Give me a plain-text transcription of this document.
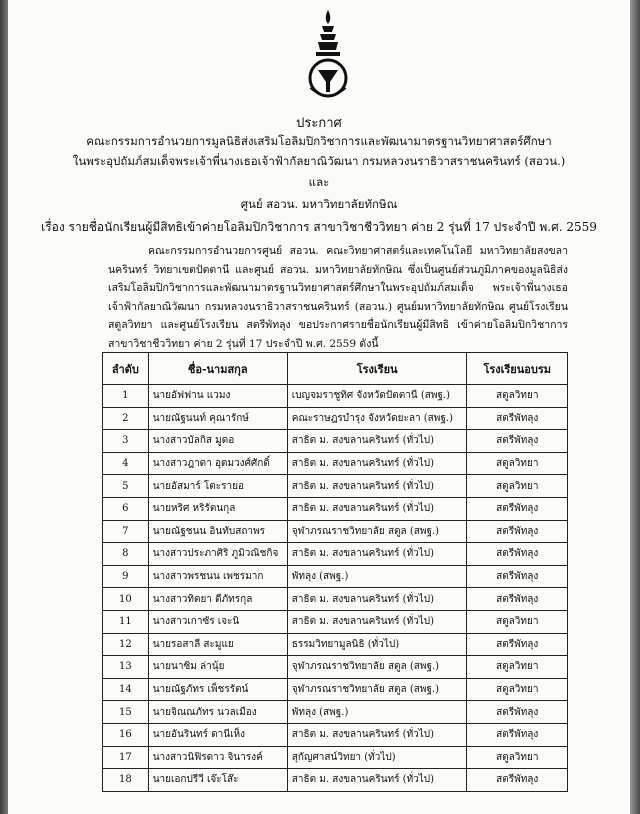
ประกาศ
คณะกรรมการอำนวยการมูลนิธิส่งเสริมโอลิมปิกวิชาการและพัฒนามาตรฐานวิทยาศาสตร์ศึกษา
ในพระอุปถัมภ์สมเด็จพระเจ้าพี่นางเธอเจ้าฟ้ากัลยาณิวัฒนา กรมหลวงนราธิวาสราชนครินทร์ (สอวน.)
และ
ศูนย์ สอวน. มหาวิทยาลัยทักษิณ
เรื่อง รายชื่อนักเรียนผู้มีสิทธิเข้าค่ายโอลิมปิกวิชาการ สาขาวิชาชีววิทยา ค่าย 2 รุ่นที่ 17 ประจำปี พ.ศ. 2559
คณะกรรมการอำนวยการศูนย์ สอวน. คณะวิทยาศาสตร์และเทคโนโลยี มหาวิทยาลัยสงขลานครินทร์ วิทยาเขตปัตตานี และศูนย์ สอวน. มหาวิทยาลัยทักษิณ ซึ่งเป็นศูนย์ส่วนภูมิภาคของมูลนิธิส่งเสริมโอลิมปิกวิชาการและพัฒนามาตรฐานวิทยาศาสตร์ศึกษาในพระอุปถัมภ์สมเด็จ พระเจ้าพี่นางเธอเจ้าฟ้ากัลยาณิวัฒนา กรมหลวงนราธิวาสราชนครินทร์ (สอวน.) ศูนย์มหาวิทยาลัยทักษิณ ศูนย์โรงเรียนสตูลวิทยา และศูนย์โรงเรียน สตรีพัทลุง ขอประกาศรายชื่อนักเรียนผู้มีสิทธิ เข้าค่ายโอลิมปิกวิชาการ สาขาวิชาชีววิทยา ค่าย 2 รุ่นที่ 17 ประจำปี พ.ศ. 2559 ดังนี้
ลำดับ	ชื่อ-นามสกุล	โรงเรียน	โรงเรียนอบรม
1	นายอัฟฟาน แวมง	เบญจมราชูทิศ จังหวัดปัตตานี (สพฐ.)	สตูลวิทยา
2	นายณัฐนนท์ คุณารักษ์	คณะราษฎรบำรุง จังหวัดยะลา (สพฐ.)	สตรีพัทลุง
3	นางสาวบัลกิส มูดอ	สาธิต ม. สงขลานครินทร์ (ทั่วไป)	สตรีพัทลุง
4	นางสาวฎาดา อุดมวงศ์ศักดิ์	สาธิต ม. สงขลานครินทร์ (ทั่วไป)	สตูลวิทยา
5	นายอัสมาร์ โตะรายอ	สาธิต ม. สงขลานครินทร์ (ทั่วไป)	สตูลวิทยา
6	นายหริศ หริรัตนกุล	สาธิต ม. สงขลานครินทร์ (ทั่วไป)	สตรีพัทลุง
7	นายณัฐชนน อินทับสถาพร	จุฬาภรณราชวิทยาลัย สตูล (สพฐ.)	สตรีพัทลุง
8	นางสาวประภาศิริ ภูมิวณิชกิจ	สาธิต ม. สงขลานครินทร์ (ทั่วไป)	สตรีพัทลุง
9	นางสาวพรชนน เพชรมาก	พัทลุง (สพฐ.)	สตรีพัทลุง
10	นางสาวทิตยา ดีภัทรกุล	สาธิต ม. สงขลานครินทร์ (ทั่วไป)	สตรีพัทลุง
11	นางสาวเกาซัร เจะนิ	สาธิต ม. สงขลานครินทร์ (ทั่วไป)	สตูลวิทยา
12	นายรอสาลี สะมูแย	ธรรมวิทยามูลนิธิ (ทั่วไป)	สตรีพัทลุง
13	นายนาซิม ล่านุ้ย	จุฬาภรณราชวิทยาลัย สตูล (สพฐ.)	สตูลวิทยา
14	นายณัฐภัทร เพ็ชรรัตน์	จุฬาภรณราชวิทยาลัย สตูล (สพฐ.)	สตูลวิทยา
15	นายจิณณภัทร นวลเมือง	พัทลุง (สพฐ.)	สตรีพัทลุง
16	นายอันรินทร์ ดานีเห็ง	สาธิต ม. สงขลานครินทร์ (ทั่วไป)	สตรีพัทลุง
17	นางสาวนิฟิรดาว จินารงค์	สุกัญศาสน์วิทยา (ทั่วไป)	สตูลวิทยา
18	นายเอกปรีวี เจ๊ะโส๊ะ	สาธิต ม. สงขลานครินทร์ (ทั่วไป)	สตรีพัทลุง
